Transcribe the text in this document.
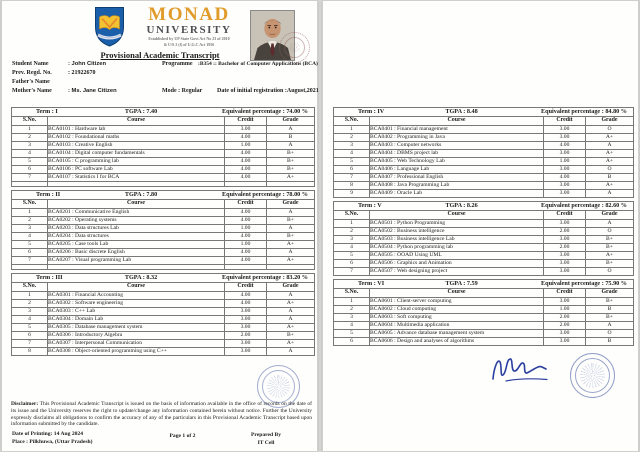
MONAD
UNIVERSITY
Established by UP State Govt Act No 23 of 2010
& U/S 2 (f) of U.G.C Act 1956
Provisional Academic Transcript
Student Name	: John Citizen
Prev. Regd. No.	: 21922670
Father's Name
Mother's Name	: Ms. Jane Citizen
Programme :B354 :: Bachelor of Computer Applications (BCA)
Mode : Regular Date of initial registration :August,2021
Term : I TGPA : 7.40 Equivalent percentage : 74.00 %			

S.No.	Course	Credit	Grade
1	BCA0101 : Hardware lab	3.00	A
2	BCA0102 : Foundational maths	4.00	B
3	BCA0103 : Creative English	1.00	A
4	BCA0104 : Digital computer fundamentals	4.00	B+
5	BCA0105 : C programming lab	4.00	B+
6	BCA0106 : PC software Lab	4.00	B+
7	BCA0107 : Statistics I for BCA	4.00	A+

Term : II TGPA : 7.80 Equivalent percentage : 78.00 %			

S.No.	Course	Credit	Grade
1	BCA0201 : Communicative English	4.00	A
2	BCA0202 : Operating systems	4.00	B+
3	BCA0203 : Data structures Lab	1.00	A
4	BCA0204 : Data structures	4.00	B+
5	BCA0205 : Case tools Lab	1.00	A+
6	BCA0206 : Basic discrete English	4.00	A
7	BCA0207 : Visual programming Lab	4.00	A+

Term : III TGPA : 8.32 Equivalent percentage : 83.20 %			

S.No.	Course	Credit	Grade
1	BCA0301 : Financial Accounting	4.00	A
2	BCA0302 : Software engineering	4.00	A+
3	BCA0303 : C++ Lab	3.00	A
4	BCA0304 : Domain Lab	3.00	A
5	BCA0305 : Database management system	3.00	A+
6	BCA0306 : Introductory Algebra	2.00	B+
7	BCA0307 : Interpersonal Communication	3.00	A+
8	BCA0308 : Object-oriented programming using C++	3.00	A
Disclaimer: This Provisional Academic Transcript is issued on the basis of information available in the office of records on the date of its issue and the University reserves the right to update/change any information contained herein without notice. Further the University expressly disclaims all obligations to confirm the accuracy of any of the particulars in this Provisional Academic Transcript based upon information submitted by the candidate.
Date of Printing: 14 Aug 2024
Place : Pilkhuwa, (Uttar Pradesh)
Page 1 of 2	Prepared By
IT Cell
Term : IV TGPA : 8.48 Equivalent percentage : 84.80 %			

S.No.	Course	Credit	Grade
1	BCA0401 : Financial management	3.00	O
2	BCA0402 : Programming in Java	3.00	A+
3	BCA0403 : Computer networks	4.00	A
4	BCA0404 : DBMS project lab	3.00	A+
5	BCA0405 : Web Technology Lab	1.00	A+
6	BCA0406 : Language Lab	3.00	O
7	BCA0407 : Professional English	4.00	B
8	BCA0408 : Java Programming Lab	3.00	A+
9	BCA0409 : Oracle Lab	3.00	A
Term : V TGPA : 8.26 Equivalent percentage : 82.60 %			

S.No.	Course	Credit	Grade
1	BCA0501 : Python Programming	3.00	A
2	BCA0502 : Business intelligence	2.00	O
3	BCA0503 : Business intelligence Lab	3.00	B+
4	BCA0504 : Python programming lab	2.00	B+
5	BCA0505 : OOAD Using UML	3.00	A+
6	BCA0506 : Graphics and Animation	3.00	B+
7	BCA0507 : Web designing project	3.00	O
Term : VI TGPA : 7.59 Equivalent percentage : 75.90 %			

S.No.	Course	Credit	Grade
1	BCA0601 : Client-server computing	3.00	B+
2	BCA0602 : Cloud computing	1.00	B
3	BCA0603 : Soft computing	2.00	B+
4	BCA0604 : Multimedia application	2.00	A
5	BCA0605 : Advance database management system	3.00	O
6	BCA0606 : Design and analyses of algorithms	3.00	B
